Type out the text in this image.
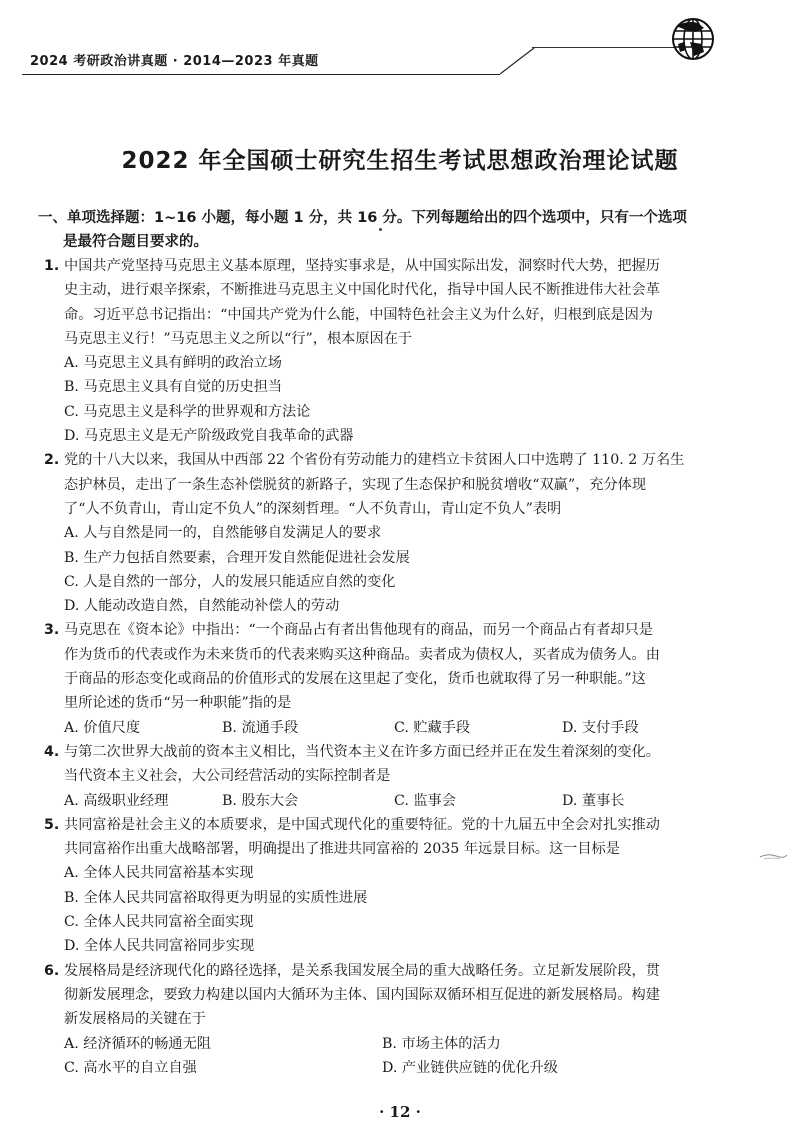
2024 考研政治讲真题 · 2014—2023 年真题
2022 年全国硕士研究生招生考试思想政治理论试题
一、单项选择题：1~16 小题，每小题 1 分，共 16 分。下列每题给出的四个选项中，只有一个选项
是最符合题目要求的。
1. 中国共产党坚持马克思主义基本原理，坚持实事求是，从中国实际出发，洞察时代大势，把握历
史主动，进行艰辛探索，不断推进马克思主义中国化时代化，指导中国人民不断推进伟大社会革
命。习近平总书记指出：“中国共产党为什么能，中国特色社会主义为什么好，归根到底是因为
马克思主义行！”马克思主义之所以“行”，根本原因在于
A. 马克思主义具有鲜明的政治立场
B. 马克思主义具有自觉的历史担当
C. 马克思主义是科学的世界观和方法论
D. 马克思主义是无产阶级政党自我革命的武器
2. 党的十八大以来，我国从中西部 22 个省份有劳动能力的建档立卡贫困人口中选聘了 110. 2 万名生
态护林员，走出了一条生态补偿脱贫的新路子，实现了生态保护和脱贫增收“双赢”，充分体现
了“人不负青山，青山定不负人”的深刻哲理。“人不负青山，青山定不负人”表明
A. 人与自然是同一的，自然能够自发满足人的要求
B. 生产力包括自然要素，合理开发自然能促进社会发展
C. 人是自然的一部分，人的发展只能适应自然的变化
D. 人能动改造自然，自然能动补偿人的劳动
3. 马克思在《资本论》中指出：“一个商品占有者出售他现有的商品，而另一个商品占有者却只是
作为货币的代表或作为未来货币的代表来购买这种商品。卖者成为债权人，买者成为债务人。由
于商品的形态变化或商品的价值形式的发展在这里起了变化，货币也就取得了另一种职能。”这
里所论述的货币“另一种职能”指的是
A. 价值尺度	B. 流通手段	C. 贮藏手段	D. 支付手段
4. 与第二次世界大战前的资本主义相比，当代资本主义在许多方面已经并正在发生着深刻的变化。
当代资本主义社会，大公司经营活动的实际控制者是
A. 高级职业经理	B. 股东大会	C. 监事会	D. 董事长
5. 共同富裕是社会主义的本质要求，是中国式现代化的重要特征。党的十九届五中全会对扎实推动
共同富裕作出重大战略部署，明确提出了推进共同富裕的 2035 年远景目标。这一目标是
A. 全体人民共同富裕基本实现
B. 全体人民共同富裕取得更为明显的实质性进展
C. 全体人民共同富裕全面实现
D. 全体人民共同富裕同步实现
6. 发展格局是经济现代化的路径选择，是关系我国发展全局的重大战略任务。立足新发展阶段，贯
彻新发展理念，要致力构建以国内大循环为主体、国内国际双循环相互促进的新发展格局。构建
新发展格局的关键在于
A. 经济循环的畅通无阻	B. 市场主体的活力
C. 高水平的自立自强	D. 产业链供应链的优化升级
· 12 ·
